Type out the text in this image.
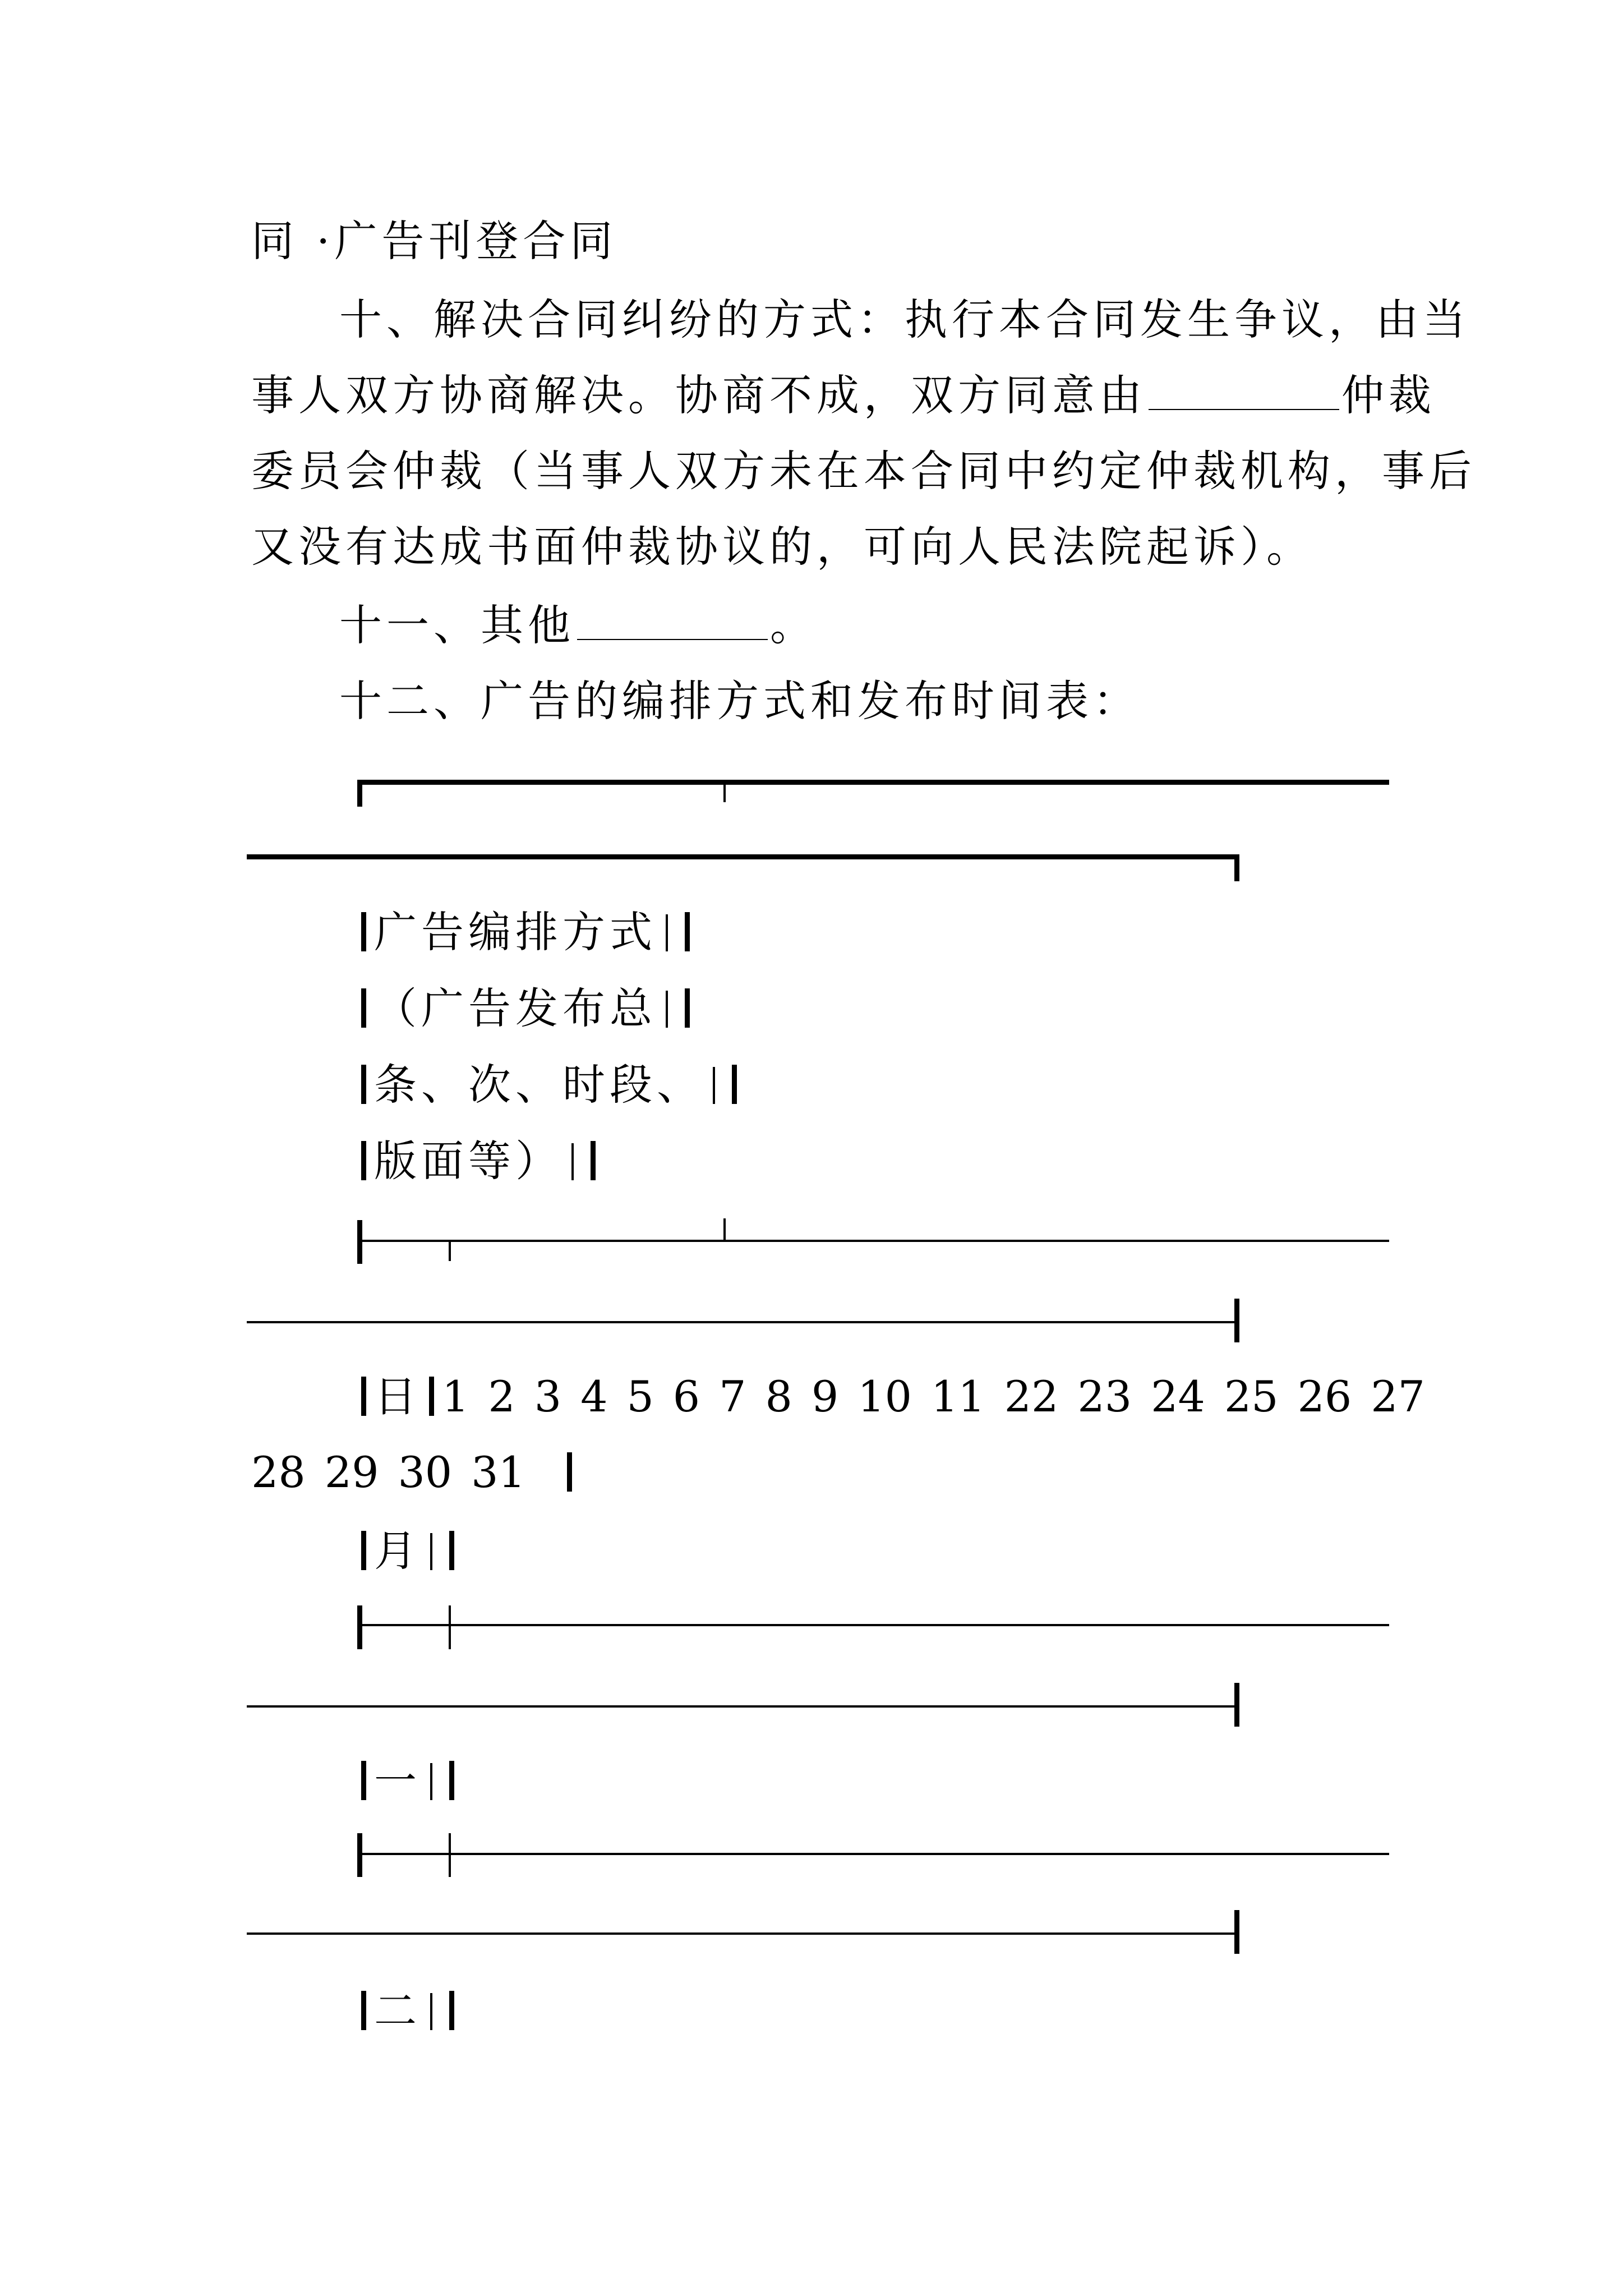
同 ·广告刊登合同
十、解决合同纠纷的方式：执行本合同发生争议，由当
事人双方协商解决。协商不成，双方同意由	仲裁
委员会仲裁（当事人双方未在本合同中约定仲裁机构，事后
又没有达成书面仲裁协议的，可向人民法院起诉）。
十一、其他	。
十二、广告的编排方式和发布时间表：
广告编排方式
（广告发布总
条、次、时段、
版面等）
日 1 2 3 4 5 6 7 8 9 10 11 22 23 24 25 26 27
28 29 30 31
月
一
二
